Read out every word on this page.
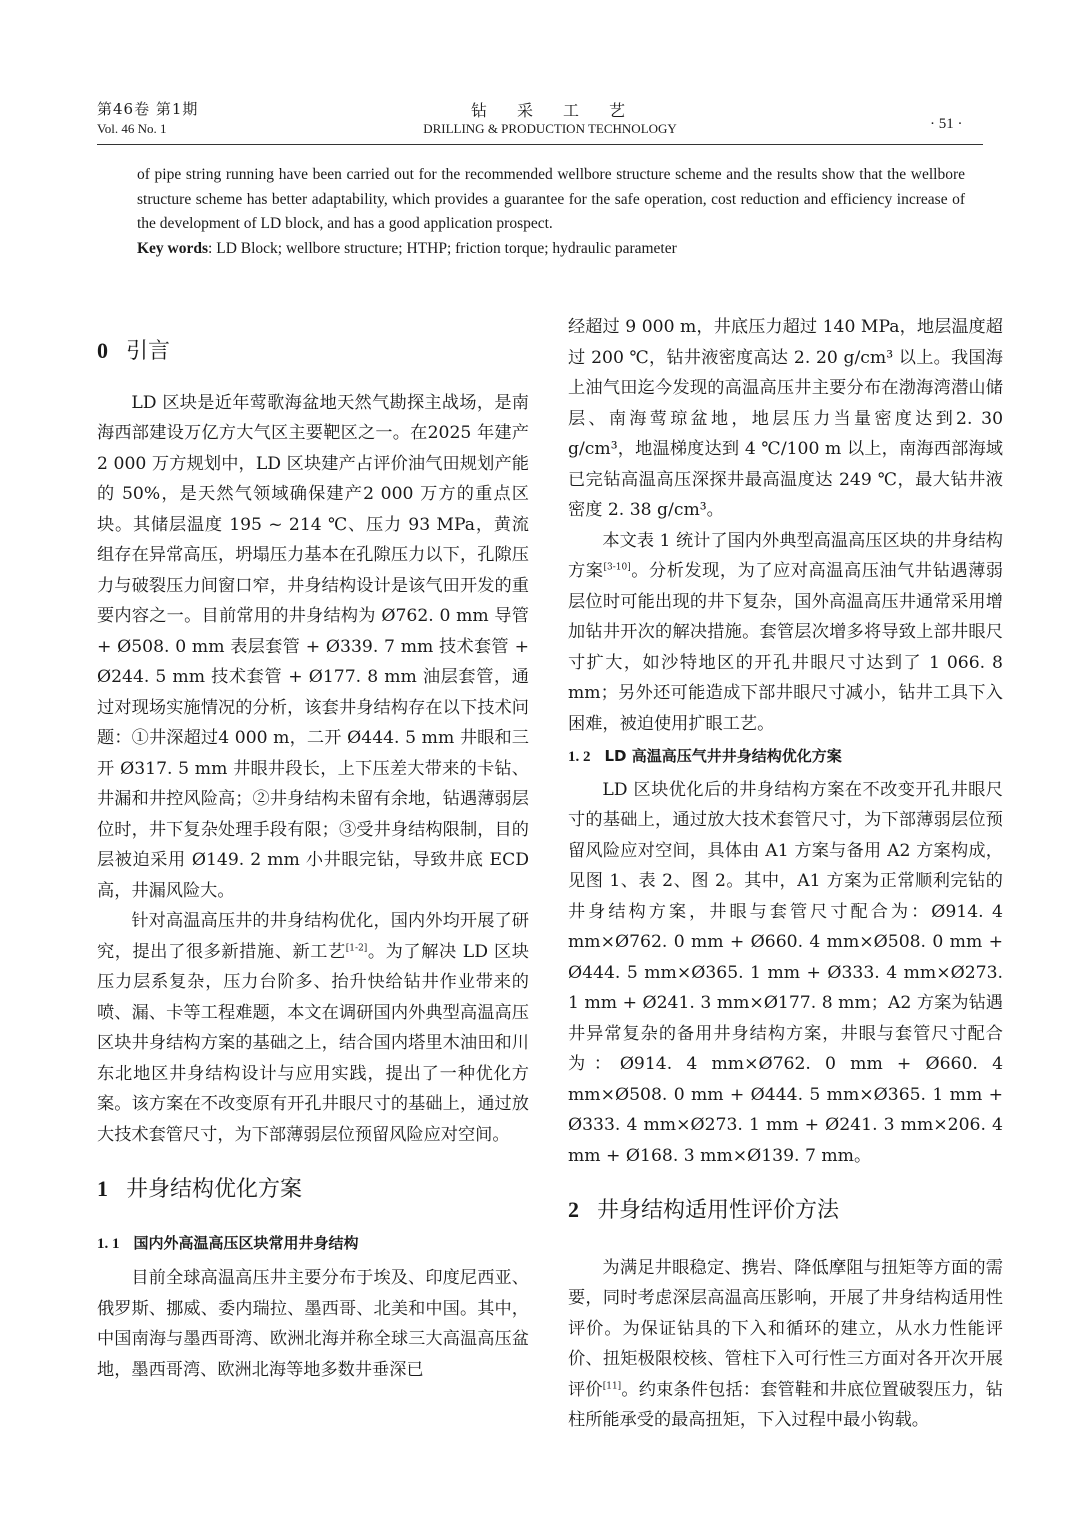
第46卷 第1期
Vol. 46 No. 1
钻采工艺
DRILLING & PRODUCTION TECHNOLOGY	· 51 ·
of pipe string running have been carried out for the recommended wellbore structure scheme and the results show that the wellbore structure scheme has better adaptability, which provides a guarantee for the safe operation, cost reduction and efficiency increase of the development of LD block, and has a good application prospect.
Key words: LD Block; wellbore structure; HTHP; friction torque; hydraulic parameter
0 引言

LD 区块是近年莺歌海盆地天然气勘探主战场，是南海西部建设万亿方大气区主要靶区之一。在2025 年建产 2 000 万方规划中，LD 区块建产占评价油气田规划产能的 50%，是天然气领域确保建产2 000 万方的重点区块。其储层温度 195 ~ 214 ℃、压力 93 MPa，黄流组存在异常高压，坍塌压力基本在孔隙压力以下，孔隙压力与破裂压力间窗口窄，井身结构设计是该气田开发的重要内容之一。目前常用的井身结构为 Ø762. 0 mm 导管 + Ø508. 0 mm 表层套管 + Ø339. 7 mm 技术套管 + Ø244. 5 mm 技术套管 + Ø177. 8 mm 油层套管，通过对现场实施情况的分析，该套井身结构存在以下技术问题：①井深超过4 000 m，二开 Ø444. 5 mm 井眼和三开 Ø317. 5 mm 井眼井段长，上下压差大带来的卡钻、井漏和井控风险高；②井身结构未留有余地，钻遇薄弱层位时，井下复杂处理手段有限；③受井身结构限制，目的层被迫采用 Ø149. 2 mm 小井眼完钻，导致井底 ECD 高，井漏风险大。

针对高温高压井的井身结构优化，国内外均开展了研究，提出了很多新措施、新工艺[1-2]。为了解决 LD 区块压力层系复杂，压力台阶多、抬升快给钻井作业带来的喷、漏、卡等工程难题，本文在调研国内外典型高温高压区块井身结构方案的基础之上，结合国内塔里木油田和川东北地区井身结构设计与应用实践，提出了一种优化方案。该方案在不改变原有开孔井眼尺寸的基础上，通过放大技术套管尺寸，为下部薄弱层位预留风险应对空间。

1 井身结构优化方案
1. 1 国内外高温高压区块常用井身结构

目前全球高温高压井主要分布于埃及、印度尼西亚、俄罗斯、挪威、委内瑞拉、墨西哥、北美和中国。其中，中国南海与墨西哥湾、欧洲北海并称全球三大高温高压盆地，墨西哥湾、欧洲北海等地多数井垂深已

经超过 9 000 m，井底压力超过 140 MPa，地层温度超过 200 ℃，钻井液密度高达 2. 20 g/cm³ 以上。我国海上油气田迄今发现的高温高压井主要分布在渤海湾潜山储层、南海莺琼盆地，地层压力当量密度达到2. 30 g/cm³，地温梯度达到 4 ℃/100 m 以上，南海西部海域已完钻高温高压深探井最高温度达 249 ℃，最大钻井液密度 2. 38 g/cm³。

本文表 1 统计了国内外典型高温高压区块的井身结构方案[3-10]。分析发现，为了应对高温高压油气井钻遇薄弱层位时可能出现的井下复杂，国外高温高压井通常采用增加钻井开次的解决措施。套管层次增多将导致上部井眼尺寸扩大，如沙特地区的开孔井眼尺寸达到了 1 066. 8 mm；另外还可能造成下部井眼尺寸减小，钻井工具下入困难，被迫使用扩眼工艺。

1. 2 LD 高温高压气井井身结构优化方案

LD 区块优化后的井身结构方案在不改变开孔井眼尺寸的基础上，通过放大技术套管尺寸，为下部薄弱层位预留风险应对空间，具体由 A1 方案与备用 A2 方案构成，见图 1、表 2、图 2。其中，A1 方案为正常顺利完钻的井身结构方案，井眼与套管尺寸配合为：Ø914. 4 mm×Ø762. 0 mm + Ø660. 4 mm×Ø508. 0 mm + Ø444. 5 mm×Ø365. 1 mm + Ø333. 4 mm×Ø273. 1 mm + Ø241. 3 mm×Ø177. 8 mm；A2 方案为钻遇井异常复杂的备用井身结构方案，井眼与套管尺寸配合为：Ø914. 4 mm×Ø762. 0 mm + Ø660. 4 mm×Ø508. 0 mm + Ø444. 5 mm×Ø365. 1 mm + Ø333. 4 mm×Ø273. 1 mm + Ø241. 3 mm×206. 4 mm + Ø168. 3 mm×Ø139. 7 mm。

2 井身结构适用性评价方法

为满足井眼稳定、携岩、降低摩阻与扭矩等方面的需要，同时考虑深层高温高压影响，开展了井身结构适用性评价。为保证钻具的下入和循环的建立，从水力性能评价、扭矩极限校核、管柱下入可行性三方面对各开次开展评价[11]。约束条件包括：套管鞋和井底位置破裂压力，钻柱所能承受的最高扭矩，下入过程中最小钩载。
